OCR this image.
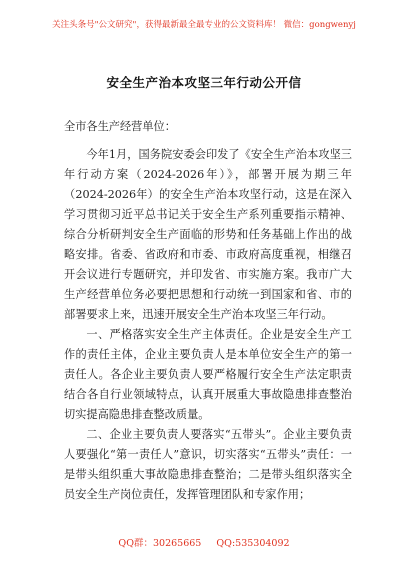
关注头条号"公文研究"，获得最新最全最专业的公文资料库！ 微信：gongwenyj
安全生产治本攻坚三年行动公开信

全市各生产经营单位：

今年1月，国务院安委会印发了《安全生产治本攻坚三年行动方案（2024-2026年）》，部署开展为期三年（2024-2026年）的安全生产治本攻坚行动，这是在深入学习贯彻习近平总书记关于安全生产系列重要指示精神、综合分析研判安全生产面临的形势和任务基础上作出的战略安排。省委、省政府和市委、市政府高度重视，相继召开会议进行专题研究，并印发省、市实施方案。我市广大生产经营单位务必要把思想和行动统一到国家和省、市的部署要求上来，迅速开展安全生产治本攻坚三年行动。

一、严格落实安全生产主体责任。企业是安全生产工作的责任主体，企业主要负责人是本单位安全生产的第一责任人。各企业主要负责人要严格履行安全生产法定职责结合各自行业领域特点，认真开展重大事故隐患排查整治切实提高隐患排查整改质量。

二、企业主要负责人要落实“五带头”。企业主要负责人要强化“第一责任人”意识，切实落实“五带头”责任：一是带头组织重大事故隐患排查整治；二是带头组织落实全员安全生产岗位责任，发挥管理团队和专家作用；

QQ群：30265665 QQ:535304092
